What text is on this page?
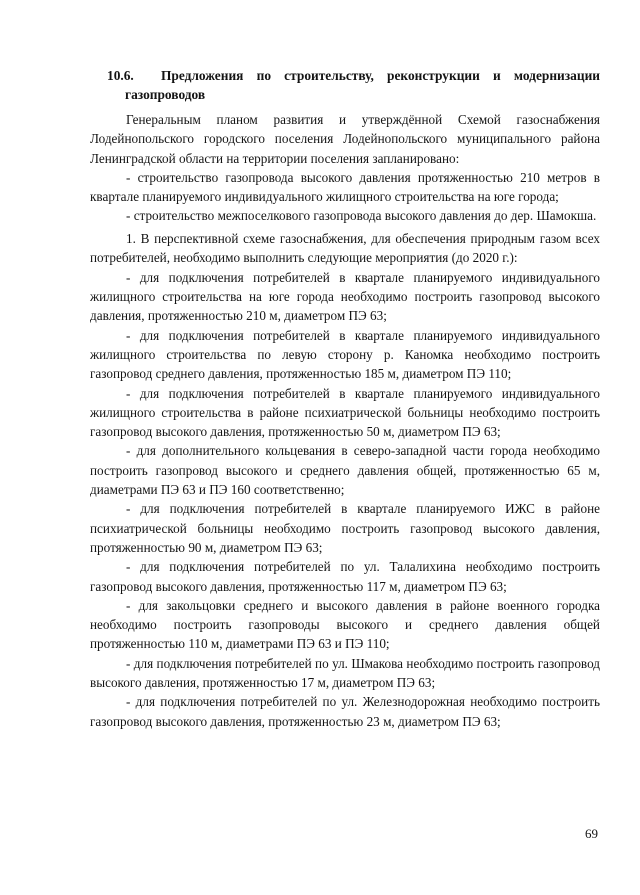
10.6. Предложения по строительству, реконструкции и модернизации
газопроводов

Генеральным планом развития и утверждённой Схемой газоснабжения Лодейнопольского городского поселения Лодейнопольского муниципального района Ленинградской области на территории поселения запланировано:

- строительство газопровода высокого давления протяженностью 210 метров в квартале планируемого индивидуального жилищного строительства на юге города;

- строительство межпоселкового газопровода высокого давления до дер. Шамокша.

1. В перспективной схеме газоснабжения, для обеспечения природным газом всех потребителей, необходимо выполнить следующие мероприятия (до 2020 г.):

- для подключения потребителей в квартале планируемого индивидуального жилищного строительства на юге города необходимо построить газопровод высокого давления, протяженностью 210 м, диаметром ПЭ 63;

- для подключения потребителей в квартале планируемого индивидуального жилищного строительства по левую сторону р. Каномка необходимо построить газопровод среднего давления, протяженностью 185 м, диаметром ПЭ 110;

- для подключения потребителей в квартале планируемого индивидуального жилищного строительства в районе психиатрической больницы необходимо построить газопровод высокого давления, протяженностью 50 м, диаметром ПЭ 63;

- для дополнительного кольцевания в северо-западной части города необходимо построить газопровод высокого и среднего давления общей, протяженностью 65 м, диаметрами ПЭ 63 и ПЭ 160 соответственно;

- для подключения потребителей в квартале планируемого ИЖС в районе психиатрической больницы необходимо построить газопровод высокого давления, протяженностью 90 м, диаметром ПЭ 63;

- для подключения потребителей по ул. Талалихина необходимо построить газопровод высокого давления, протяженностью 117 м, диаметром ПЭ 63;

- для закольцовки среднего и высокого давления в районе военного городка необходимо построить газопроводы высокого и среднего давления общей протяженностью 110 м, диаметрами ПЭ 63 и ПЭ 110;

- для подключения потребителей по ул. Шмакова необходимо построить газопровод высокого давления, протяженностью 17 м, диаметром ПЭ 63;

- для подключения потребителей по ул. Железнодорожная необходимо построить газопровод высокого давления, протяженностью 23 м, диаметром ПЭ 63;

69
